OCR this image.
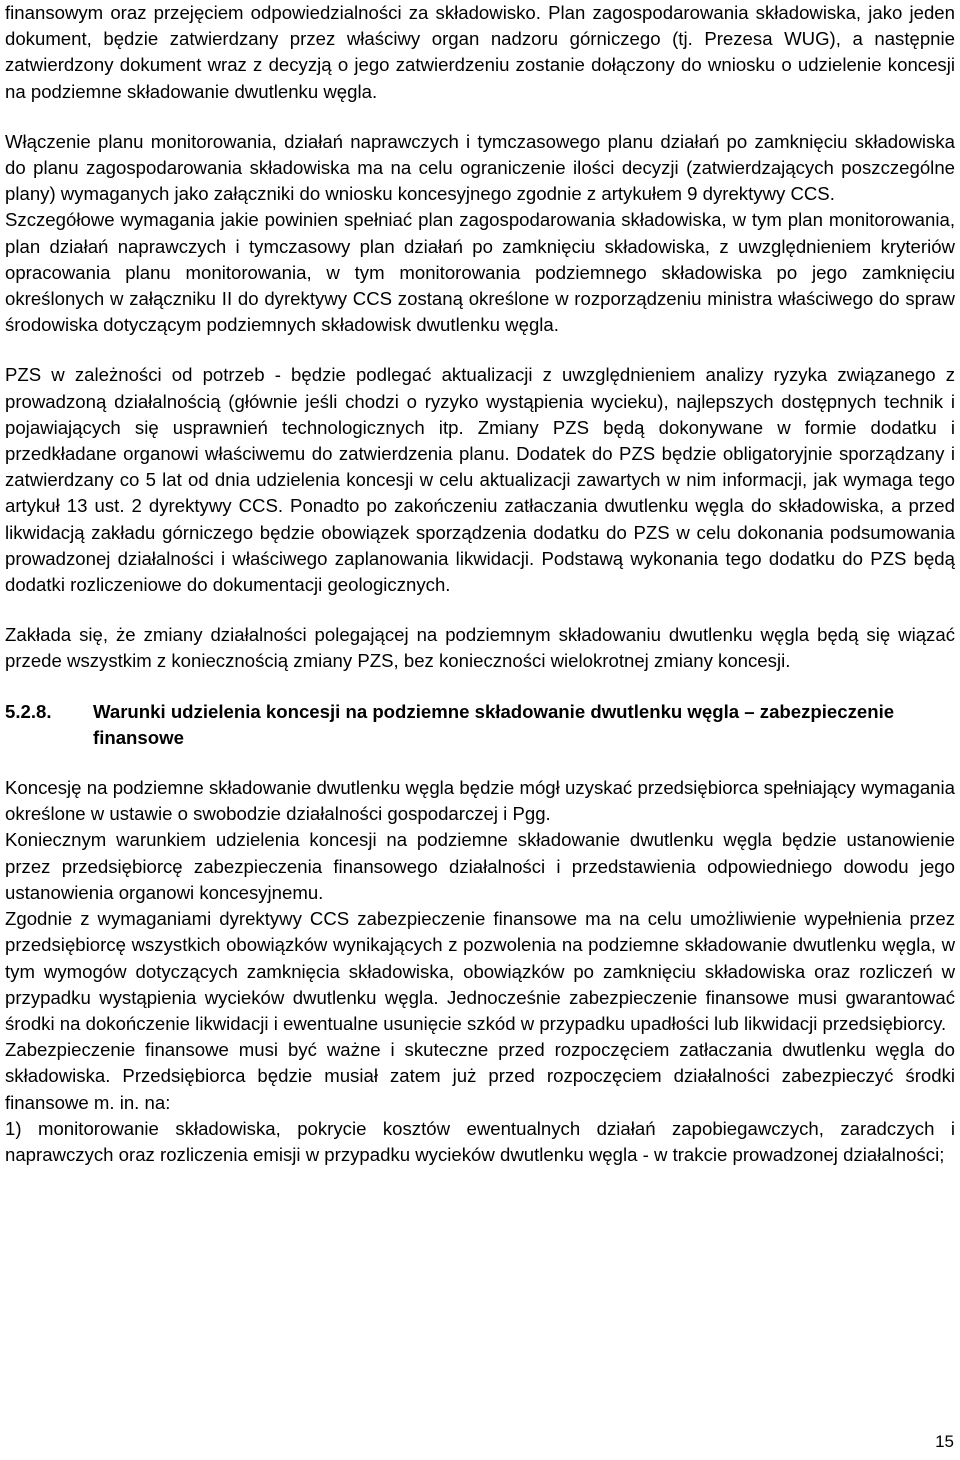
finansowym oraz przejęciem odpowiedzialności za składowisko. Plan zagospodarowania składowiska, jako jeden dokument, będzie zatwierdzany przez właściwy organ nadzoru górniczego (tj. Prezesa WUG), a następnie zatwierdzony dokument wraz z decyzją o jego zatwierdzeniu zostanie dołączony do wniosku o udzielenie koncesji na podziemne składowanie dwutlenku węgla.

Włączenie planu monitorowania, działań naprawczych i tymczasowego planu działań po zamknięciu składowiska do planu zagospodarowania składowiska ma na celu ograniczenie ilości decyzji (zatwierdzających poszczególne plany) wymaganych jako załączniki do wniosku koncesyjnego zgodnie z artykułem 9 dyrektywy CCS.

Szczegółowe wymagania jakie powinien spełniać plan zagospodarowania składowiska, w tym plan monitorowania, plan działań naprawczych i tymczasowy plan działań po zamknięciu składowiska, z uwzględnieniem kryteriów opracowania planu monitorowania, w tym monitorowania podziemnego składowiska po jego zamknięciu określonych w załączniku II do dyrektywy CCS zostaną określone w rozporządzeniu ministra właściwego do spraw środowiska dotyczącym podziemnych składowisk dwutlenku węgla.

PZS w zależności od potrzeb - będzie podlegać aktualizacji z uwzględnieniem analizy ryzyka związanego z prowadzoną działalnością (głównie jeśli chodzi o ryzyko wystąpienia wycieku), najlepszych dostępnych technik i pojawiających się usprawnień technologicznych itp. Zmiany PZS będą dokonywane w formie dodatku i przedkładane organowi właściwemu do zatwierdzenia planu. Dodatek do PZS będzie obligatoryjnie sporządzany i zatwierdzany co 5 lat od dnia udzielenia koncesji w celu aktualizacji zawartych w nim informacji, jak wymaga tego artykuł 13 ust. 2 dyrektywy CCS. Ponadto po zakończeniu zatłaczania dwutlenku węgla do składowiska, a przed likwidacją zakładu górniczego będzie obowiązek sporządzenia dodatku do PZS w celu dokonania podsumowania prowadzonej działalności i właściwego zaplanowania likwidacji. Podstawą wykonania tego dodatku do PZS będą dodatki rozliczeniowe do dokumentacji geologicznych.

Zakłada się, że zmiany działalności polegającej na podziemnym składowaniu dwutlenku węgla będą się wiązać przede wszystkim z koniecznością zmiany PZS, bez konieczności wielokrotnej zmiany koncesji.

5.2.8.	Warunki udzielenia koncesji na podziemne składowanie dwutlenku węgla – zabezpieczenie finansowe

Koncesję na podziemne składowanie dwutlenku węgla będzie mógł uzyskać przedsiębiorca spełniający wymagania określone w ustawie o swobodzie działalności gospodarczej i Pgg.

Koniecznym warunkiem udzielenia koncesji na podziemne składowanie dwutlenku węgla będzie ustanowienie przez przedsiębiorcę zabezpieczenia finansowego działalności i przedstawienia odpowiedniego dowodu jego ustanowienia organowi koncesyjnemu.

Zgodnie z wymaganiami dyrektywy CCS zabezpieczenie finansowe ma na celu umożliwienie wypełnienia przez przedsiębiorcę wszystkich obowiązków wynikających z pozwolenia na podziemne składowanie dwutlenku węgla, w tym wymogów dotyczących zamknięcia składowiska, obowiązków po zamknięciu składowiska oraz rozliczeń w przypadku wystąpienia wycieków dwutlenku węgla. Jednocześnie zabezpieczenie finansowe musi gwarantować środki na dokończenie likwidacji i ewentualne usunięcie szkód w przypadku upadłości lub likwidacji przedsiębiorcy.

Zabezpieczenie finansowe musi być ważne i skuteczne przed rozpoczęciem zatłaczania dwutlenku węgla do składowiska. Przedsiębiorca będzie musiał zatem już przed rozpoczęciem działalności zabezpieczyć środki finansowe m. in. na:

1) monitorowanie składowiska, pokrycie kosztów ewentualnych działań zapobiegawczych, zaradczych i naprawczych oraz rozliczenia emisji w przypadku wycieków dwutlenku węgla - w trakcie prowadzonej działalności;

15
